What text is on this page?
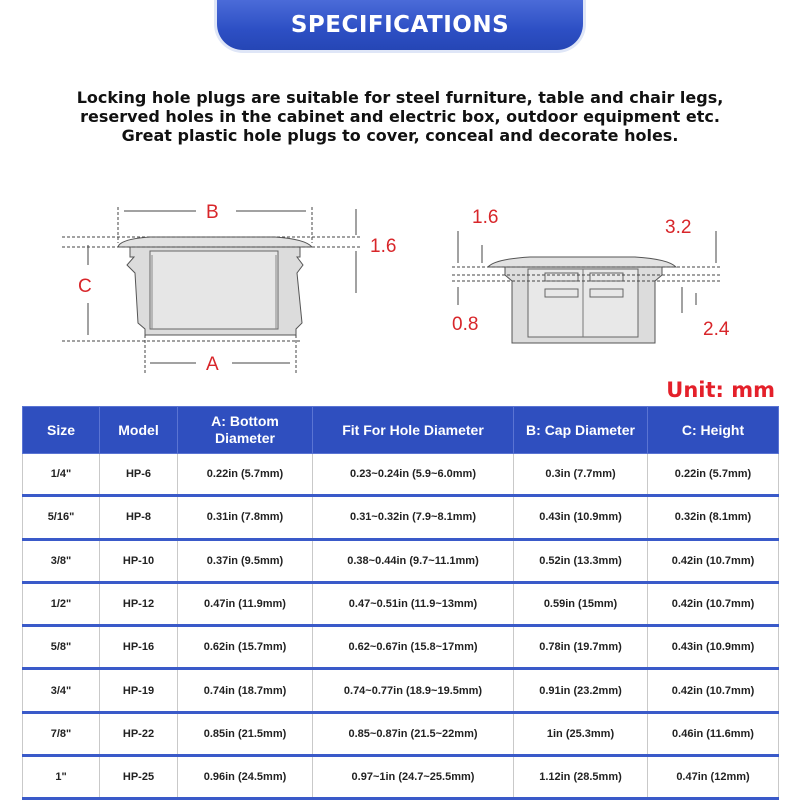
SPECIFICATIONS
Locking hole plugs are suitable for steel furniture, table and chair legs,
reserved holes in the cabinet and electric box, outdoor equipment etc.
Great plastic hole plugs to cover, conceal and decorate holes.
B
C
A
1.6
1.6	3.2
0.8	2.4
Unit: mm
Size	Model	A: Bottom Diameter	Fit For Hole Diameter	B: Cap Diameter	C: Height
1/4"	HP-6	0.22in (5.7mm)	0.23~0.24in (5.9~6.0mm)	0.3in (7.7mm)	0.22in (5.7mm)
5/16"	HP-8	0.31in (7.8mm)	0.31~0.32in (7.9~8.1mm)	0.43in (10.9mm)	0.32in (8.1mm)
3/8"	HP-10	0.37in (9.5mm)	0.38~0.44in (9.7~11.1mm)	0.52in (13.3mm)	0.42in (10.7mm)
1/2"	HP-12	0.47in (11.9mm)	0.47~0.51in (11.9~13mm)	0.59in (15mm)	0.42in (10.7mm)
5/8"	HP-16	0.62in (15.7mm)	0.62~0.67in (15.8~17mm)	0.78in (19.7mm)	0.43in (10.9mm)
3/4"	HP-19	0.74in (18.7mm)	0.74~0.77in (18.9~19.5mm)	0.91in (23.2mm)	0.42in (10.7mm)
7/8"	HP-22	0.85in (21.5mm)	0.85~0.87in (21.5~22mm)	1in (25.3mm)	0.46in (11.6mm)
1"	HP-25	0.96in (24.5mm)	0.97~1in (24.7~25.5mm)	1.12in (28.5mm)	0.47in (12mm)
